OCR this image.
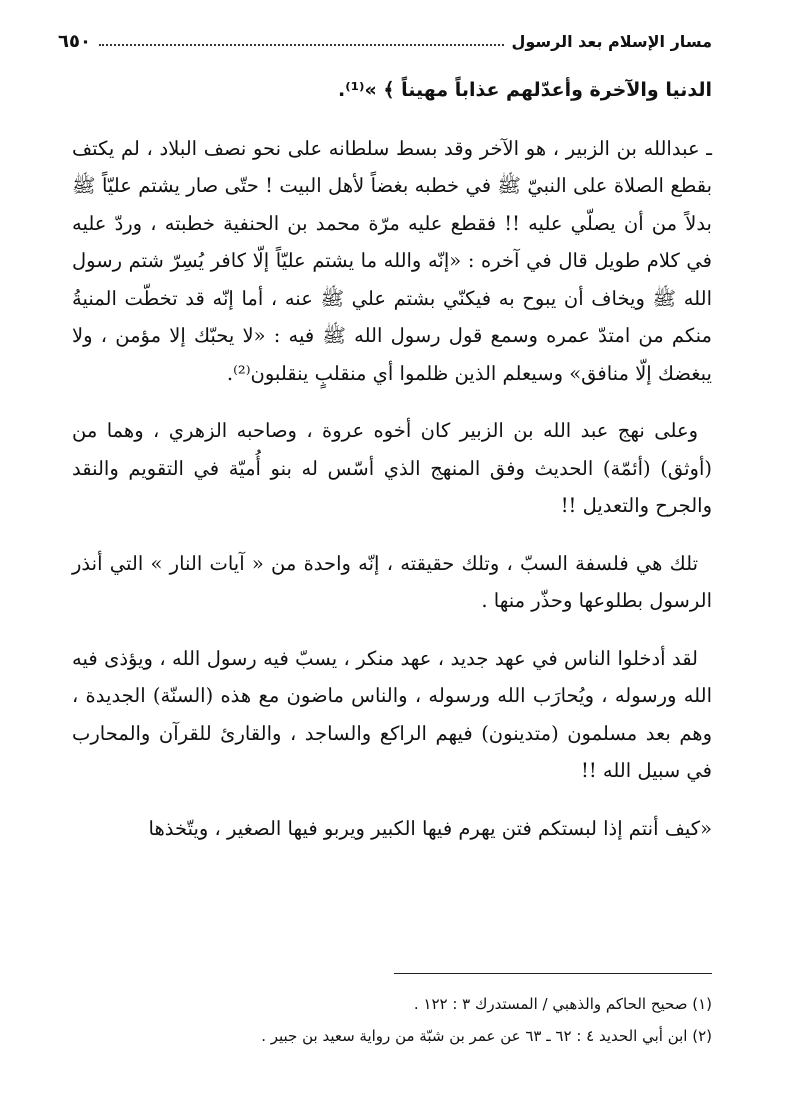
مسار الإسلام بعد الرسول
٦٥٠

الدنيا والآخرة وأعدّلهم عذاباً مهيناً ﴾ »⁽¹⁾.

ـ عبدالله بن الزبير ، هو الآخر وقد بسط سلطانه على نحو نصف البلاد ، لم يكتف بقطع الصلاة على النبيّ ﷺ في خطبه بغضاً لأهل البيت ! حتّى صار يشتم عليّاً ﷺ بدلاً من أن يصلّي عليه !! فقطع عليه مرّة محمد بن الحنفية خطبته ، وردّ عليه في كلام طويل قال في آخره : «إنّه والله ما يشتم عليّاً إلّا كافر يُسِرّ شتم رسول الله ﷺ ويخاف أن يبوح به فيكنّي بشتم علي ﷺ عنه ، أما إنّه قد تخطّت المنيةُ منكم من امتدّ عمره وسمع قول رسول الله ﷺ فيه : «لا يحبّك إلا مؤمن ، ولا يبغضك إلّا منافق» وسيعلم الذين ظلموا أي منقلبٍ ينقلبون⁽²⁾.

وعلى نهج عبد الله بن الزبير كان أخوه عروة ، وصاحبه الزهري ، وهما من (أوثق) (أئمّة) الحديث وفق المنهج الذي أسّس له بنو أُميّة في التقويم والنقد والجرح والتعديل !!

تلك هي فلسفة السبّ ، وتلك حقيقته ، إنّه واحدة من « آيات النار » التي أنذر الرسول بطلوعها وحذّر منها .

لقد أدخلوا الناس في عهد جديد ، عهد منكر ، يسبّ فيه رسول الله ، ويؤذى فيه الله ورسوله ، ويُحارَب الله ورسوله ، والناس ماضون مع هذه (السنّة) الجديدة ، وهم بعد مسلمون (متدينون) فيهم الراكع والساجد ، والقارئ للقرآن والمحارب في سبيل الله !!

«كيف أنتم إذا لبستكم فتن يهرم فيها الكبير ويربو فيها الصغير ، ويتّخذها

(١) صحيح الحاكم والذهبي / المستدرك ٣ : ١٢٢ .

(٢) ابن أبي الحديد ٤ : ٦٢ ـ ٦٣ عن عمر بن شبّة من رواية سعيد بن جبير .
